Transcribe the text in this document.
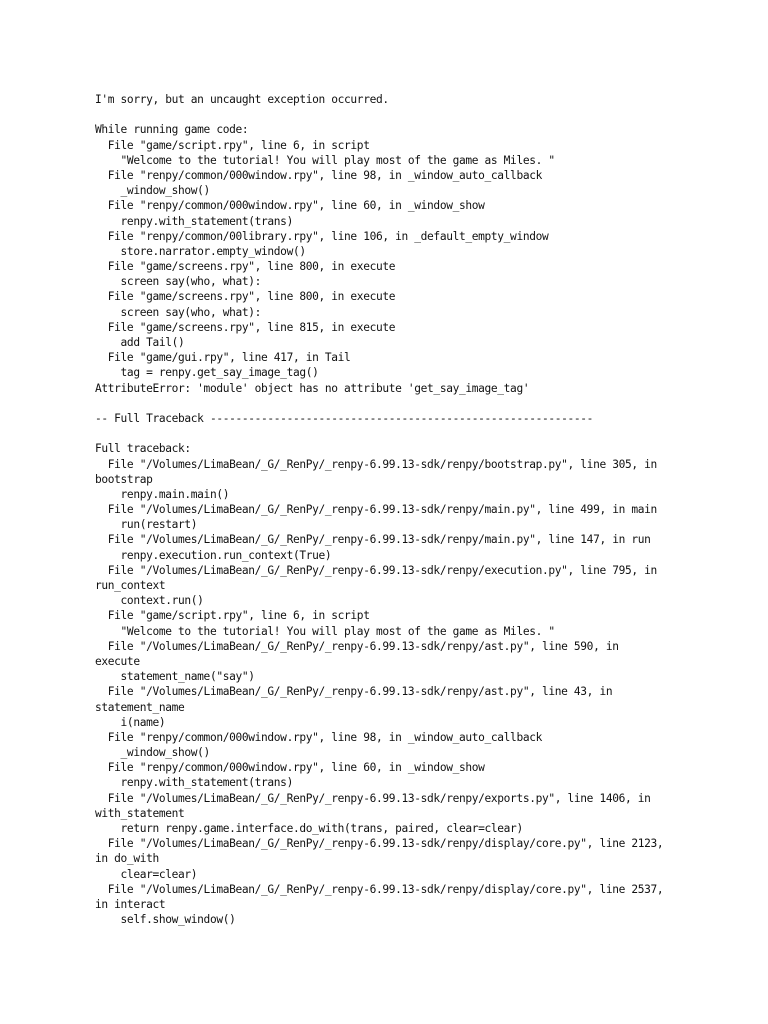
I'm sorry, but an uncaught exception occurred.
While running game code:
File "game/script.rpy", line 6, in script
"Welcome to the tutorial! You will play most of the game as Miles. "
File "renpy/common/000window.rpy", line 98, in _window_auto_callback
_window_show()
File "renpy/common/000window.rpy", line 60, in _window_show
renpy.with_statement(trans)
File "renpy/common/00library.rpy", line 106, in _default_empty_window
store.narrator.empty_window()
File "game/screens.rpy", line 800, in execute
screen say(who, what):
File "game/screens.rpy", line 800, in execute
screen say(who, what):
File "game/screens.rpy", line 815, in execute
add Tail()
File "game/gui.rpy", line 417, in Tail
tag = renpy.get_say_image_tag()
AttributeError: 'module' object has no attribute 'get_say_image_tag'
-- Full Traceback ------------------------------------------------------------
Full traceback:
File "/Volumes/LimaBean/_G/_RenPy/_renpy-6.99.13-sdk/renpy/bootstrap.py", line 305, in
bootstrap
renpy.main.main()
File "/Volumes/LimaBean/_G/_RenPy/_renpy-6.99.13-sdk/renpy/main.py", line 499, in main
run(restart)
File "/Volumes/LimaBean/_G/_RenPy/_renpy-6.99.13-sdk/renpy/main.py", line 147, in run
renpy.execution.run_context(True)
File "/Volumes/LimaBean/_G/_RenPy/_renpy-6.99.13-sdk/renpy/execution.py", line 795, in
run_context
context.run()
File "game/script.rpy", line 6, in script
"Welcome to the tutorial! You will play most of the game as Miles. "
File "/Volumes/LimaBean/_G/_RenPy/_renpy-6.99.13-sdk/renpy/ast.py", line 590, in
execute
statement_name("say")
File "/Volumes/LimaBean/_G/_RenPy/_renpy-6.99.13-sdk/renpy/ast.py", line 43, in
statement_name
i(name)
File "renpy/common/000window.rpy", line 98, in _window_auto_callback
_window_show()
File "renpy/common/000window.rpy", line 60, in _window_show
renpy.with_statement(trans)
File "/Volumes/LimaBean/_G/_RenPy/_renpy-6.99.13-sdk/renpy/exports.py", line 1406, in
with_statement
return renpy.game.interface.do_with(trans, paired, clear=clear)
File "/Volumes/LimaBean/_G/_RenPy/_renpy-6.99.13-sdk/renpy/display/core.py", line 2123,
in do_with
clear=clear)
File "/Volumes/LimaBean/_G/_RenPy/_renpy-6.99.13-sdk/renpy/display/core.py", line 2537,
in interact
self.show_window()
